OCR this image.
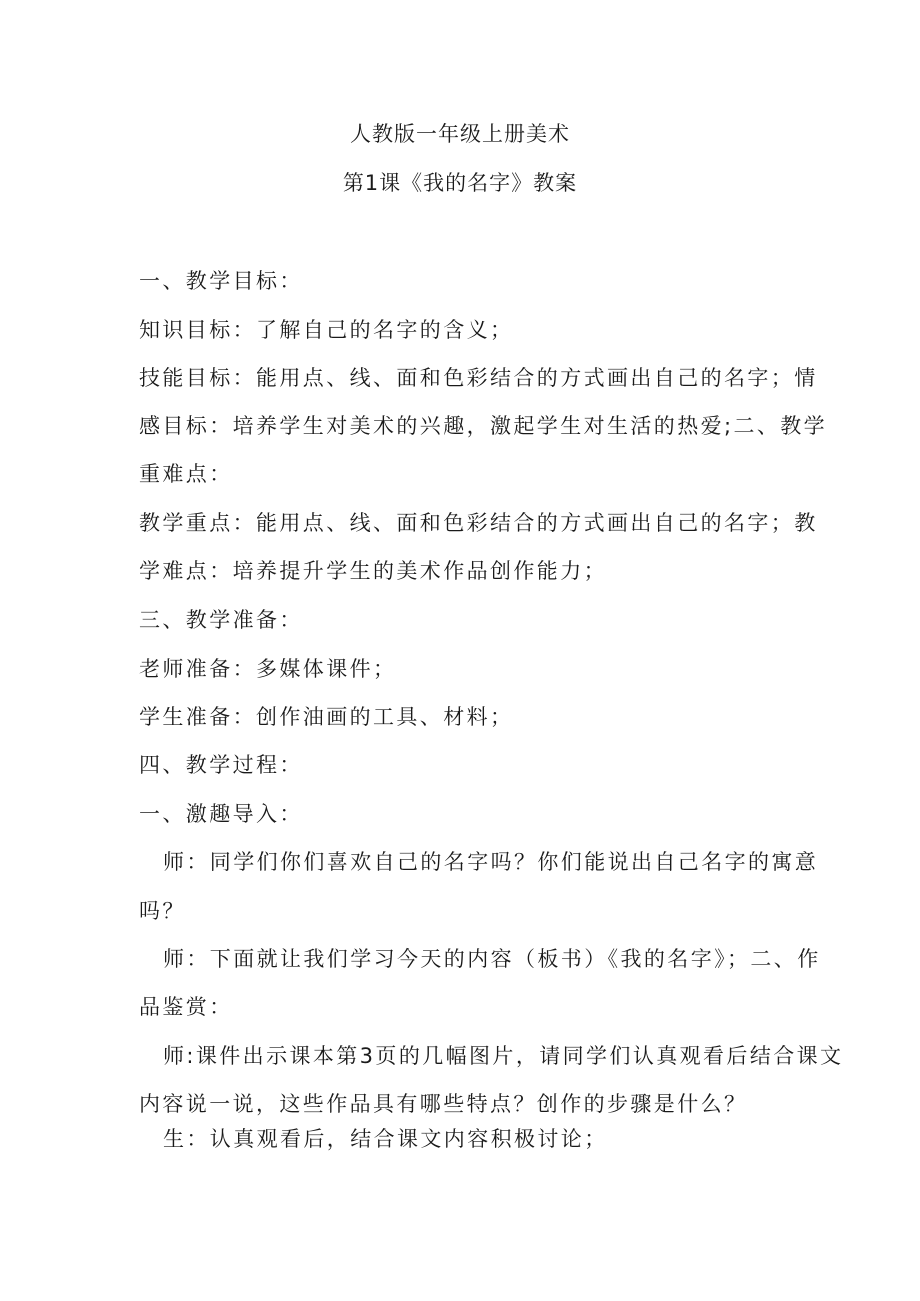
人教版一年级上册美术
第1课《我的名字》教案
一、教学目标：
知识目标：了解自己的名字的含义；
技能目标：能用点、线、面和色彩结合的方式画出自己的名字；情
感目标：培养学生对美术的兴趣，激起学生对生活的热爱;二、教学
重难点：
教学重点：能用点、线、面和色彩结合的方式画出自己的名字；教
学难点：培养提升学生的美术作品创作能力；
三、教学准备：
老师准备：多媒体课件；
学生准备：创作油画的工具、材料；
四、教学过程：
一、激趣导入：
师：同学们你们喜欢自己的名字吗？你们能说出自己名字的寓意
吗？
师：下面就让我们学习今天的内容（板书）《我的名字》；二、作
品鉴赏：
师:课件出示课本第3页的几幅图片，请同学们认真观看后结合课文
内容说一说，这些作品具有哪些特点？创作的步骤是什么？
生：认真观看后，结合课文内容积极讨论；
